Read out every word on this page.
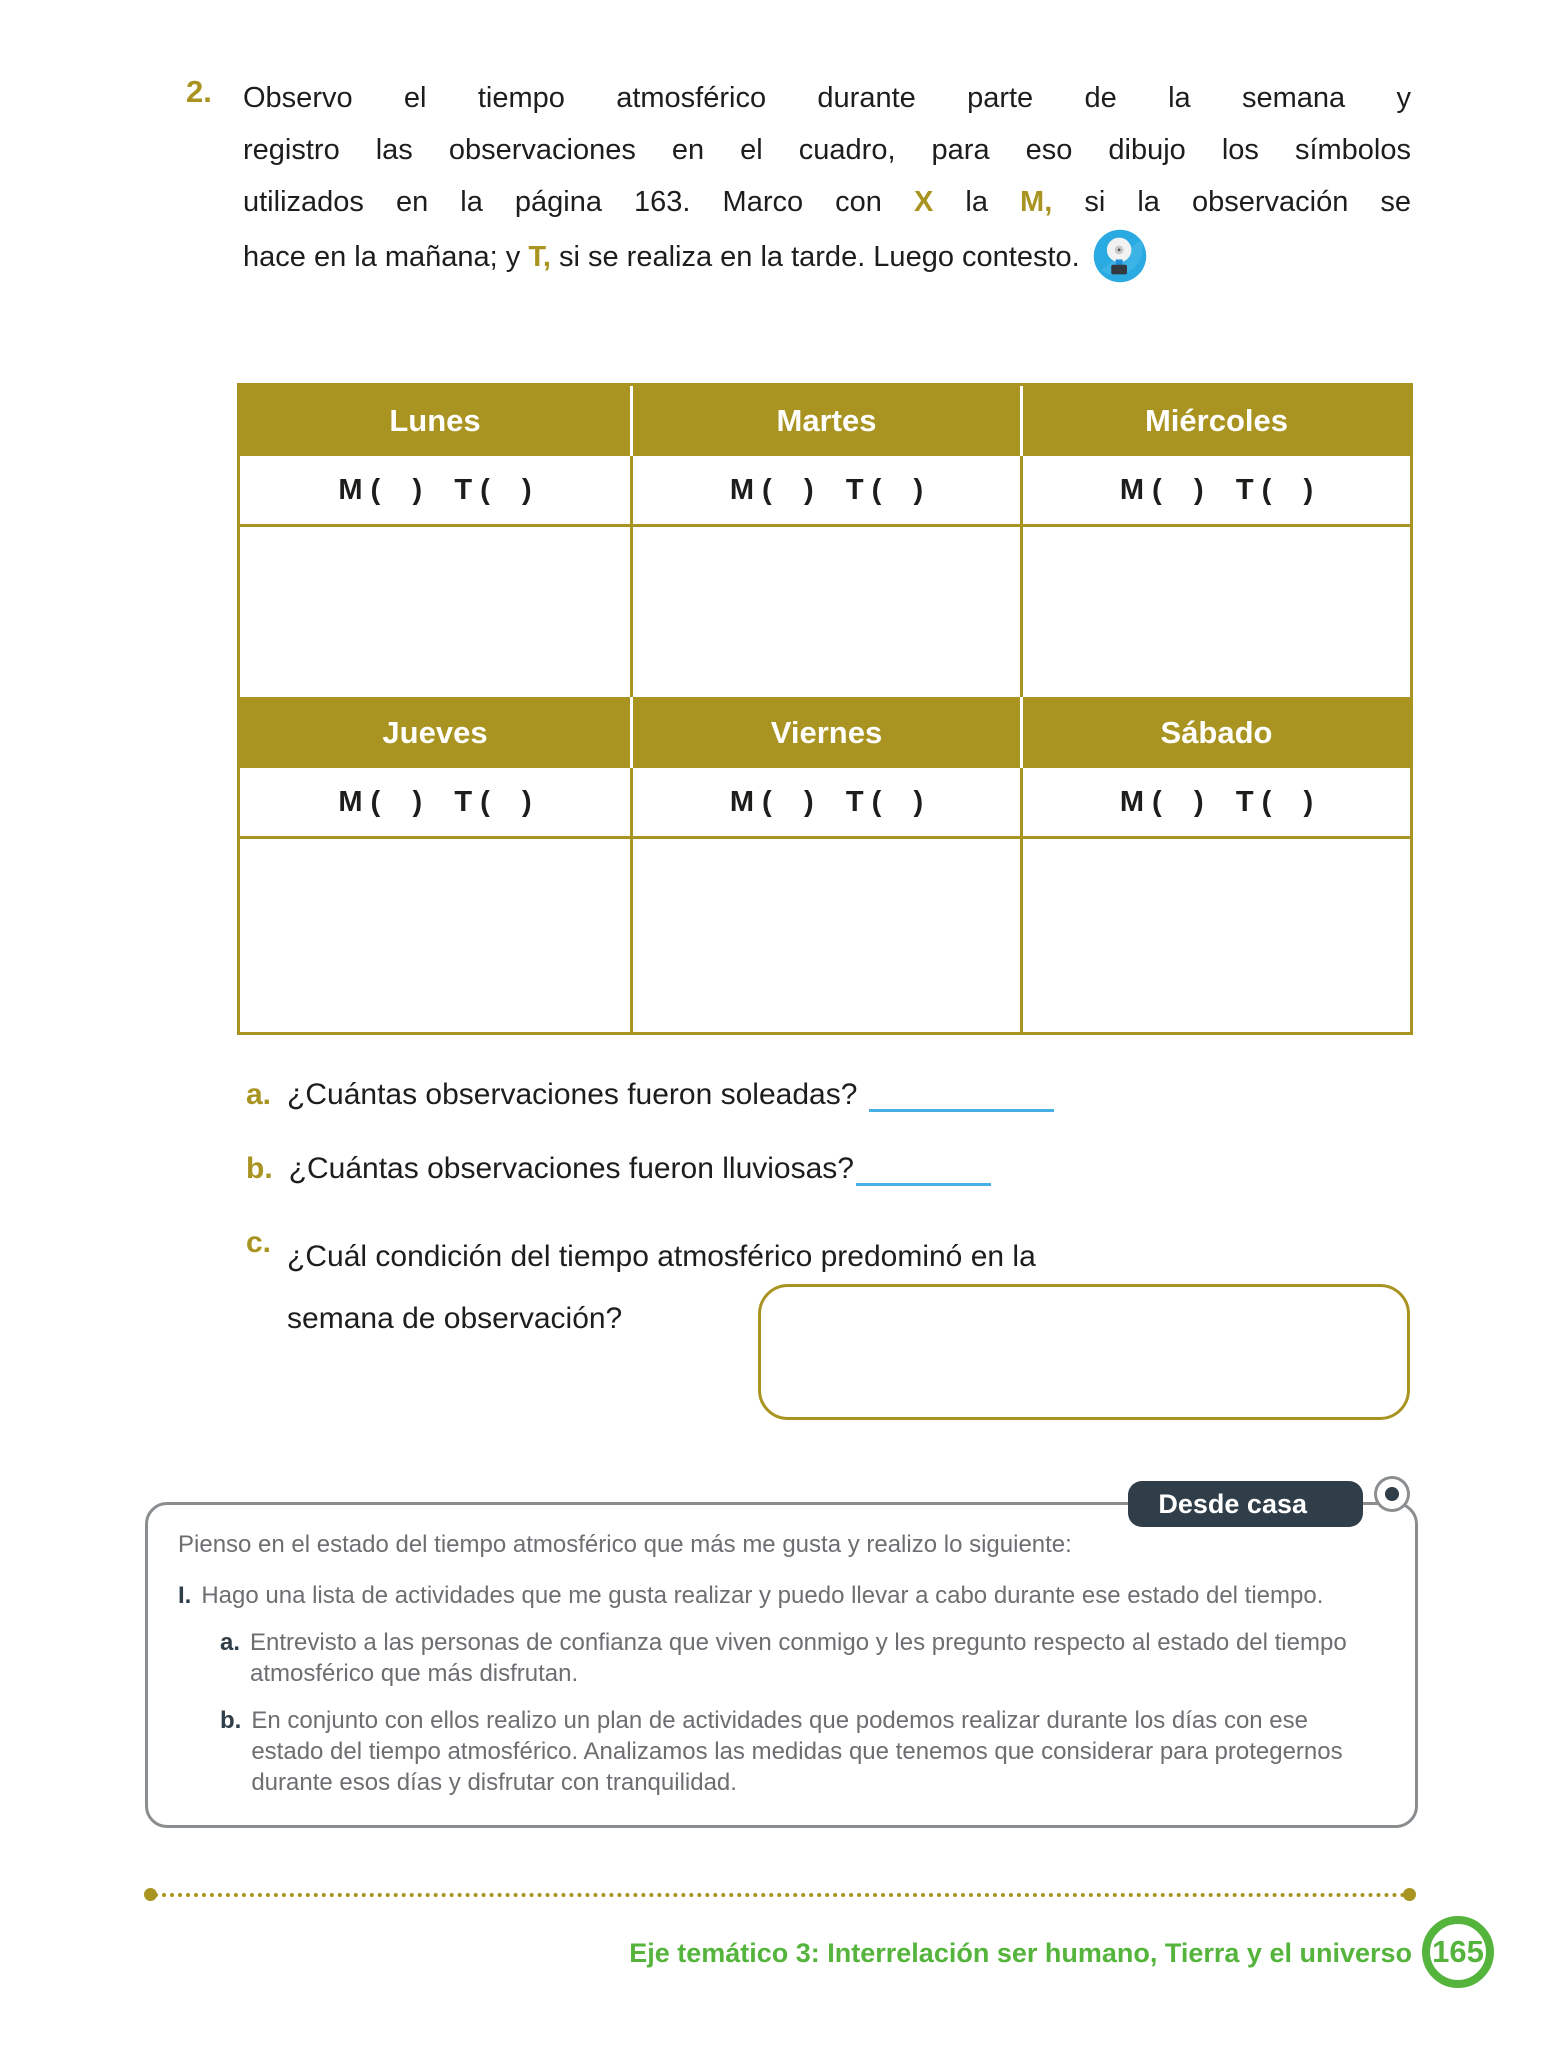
2. Observo el tiempo atmosférico durante parte de la semana y
registro las observaciones en el cuadro, para eso dibujo los símbolos
utilizados en la página 163. Marco con X la M, si la observación se
hace en la mañana; y T, si se realiza en la tarde. Luego contesto.
Lunes	Martes	Miércoles
M (    )    T (    )	M (    )    T (    )	M (    )    T (    )
Jueves	Viernes	Sábado
M (    )    T (    )	M (    )    T (    )	M (    )    T (    )
a. ¿Cuántas observaciones fueron soleadas?
b. ¿Cuántas observaciones fueron lluviosas?
c. ¿Cuál condición del tiempo atmosférico predominó en la
semana de observación?
Desde casa

Pienso en el estado del tiempo atmosférico que más me gusta y realizo lo siguiente:

I. Hago una lista de actividades que me gusta realizar y puedo llevar a cabo durante ese estado del tiempo.
a. Entrevisto a las personas de confianza que viven conmigo y les pregunto respecto al estado del tiempo atmosférico que más disfrutan.
b. En conjunto con ellos realizo un plan de actividades que podemos realizar durante los días con ese estado del tiempo atmosférico. Analizamos las medidas que tenemos que considerar para protegernos durante esos días y disfrutar con tranquilidad.
Eje temático 3: Interrelación ser humano, Tierra y el universo 165
